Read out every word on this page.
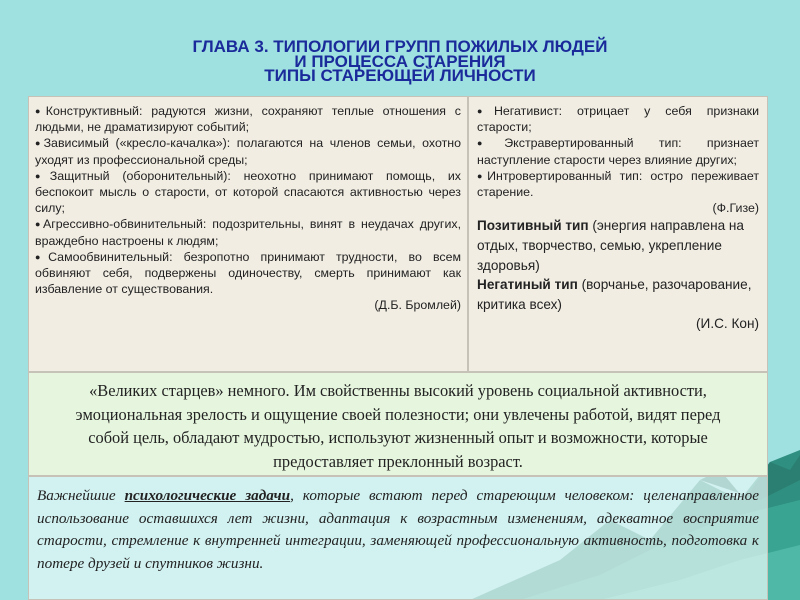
ГЛАВА 3. ТИПОЛОГИИ ГРУПП ПОЖИЛЫХ ЛЮДЕЙ
И ПРОЦЕССА СТАРЕНИЯ
ТИПЫ СТАРЕЮЩЕЙ ЛИЧНОСТИ

●Конструктивный: радуются жизни, сохраняют теплые отношения с людьми, не драматизируют событий;

●Зависимый («кресло-качалка»): полагаются на членов семьи, охотно уходят из профессиональной среды;

●Защитный (оборонительный): неохотно принимают помощь, их беспокоит мысль о старости, от которой спасаются активностью через силу;

●Агрессивно-обвинительный: подозрительны, винят в неудачах других, враждебно настроены к людям;

●Самообвинительный: безропотно принимают трудности, во всем обвиняют себя, подвержены одиночеству, смерть принимают как избавление от существования.

(Д.Б. Бромлей)

●Негативист: отрицает у себя признаки старости;

●Экстравертированный тип: признает наступление старости через влияние других;

●Интровертированный тип: остро переживает старение.

(Ф.Гизе)

Позитивный тип (энергия направлена на отдых, творчество, семью, укрепление здоровья)

Негатиный тип (ворчанье, разочарование, критика всех)

(И.С. Кон)

«Великих старцев» немного. Им свойственны высокий уровень социальной активности, эмоциональная зрелость и ощущение своей полезности; они увлечены работой, видят перед собой цель, обладают мудростью, используют жизненный опыт и возможности, которые предоставляет преклонный возраст.
Важнейшие психологические задачи, которые встают перед стареющим человеком: целенаправленное использование оставшихся лет жизни, адаптация к возрастным изменениям, адекватное восприятие старости, стремление к внутренней интеграции, заменяющей профессиональную активность, подготовка к потере друзей и спутников жизни.
